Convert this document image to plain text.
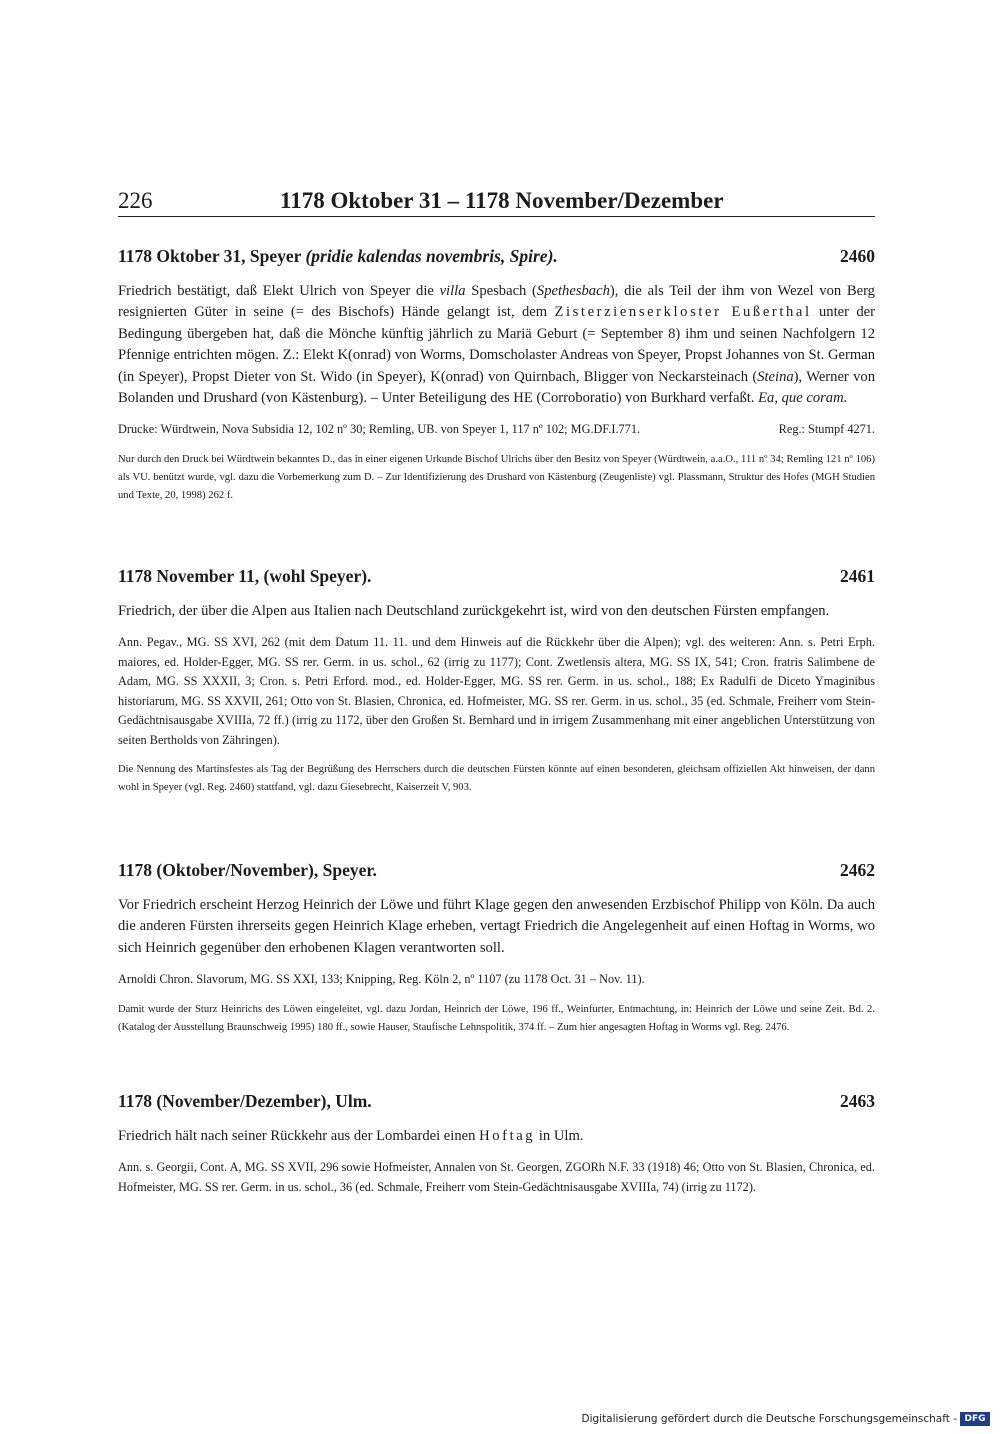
226	1178 Oktober 31 – 1178 November/Dezember
1178 Oktober 31, Speyer (pridie kalendas novembris, Spire).	2460

Friedrich bestätigt, daß Elekt Ulrich von Speyer die villa Spesbach (Spethesbach), die als Teil der ihm von Wezel von Berg resignierten Güter in seine (= des Bischofs) Hände gelangt ist, dem Zisterzienserkloster Eußerthal unter der Bedingung übergeben hat, daß die Mönche künftig jährlich zu Mariä Geburt (= September 8) ihm und seinen Nachfolgern 12 Pfennige entrichten mögen. Z.: Elekt K(onrad) von Worms, Domscholaster Andreas von Speyer, Propst Johannes von St. German (in Speyer), Propst Dieter von St. Wido (in Speyer), K(onrad) von Quirnbach, Bligger von Neckarsteinach (Steina), Werner von Bolanden und Drushard (von Kästenburg). – Unter Beteiligung des HE (Corroboratio) von Burkhard verfaßt. Ea, que coram.

Drucke: Würdtwein, Nova Subsidia 12, 102 nº 30; Remling, UB. von Speyer 1, 117 nº 102; MG.DF.I.771.	Reg.: Stumpf 4271.

Nur durch den Druck bei Würdtwein bekanntes D., das in einer eigenen Urkunde Bischof Ulrichs über den Besitz von Speyer (Würdtwein, a.a.O., 111 nº 34; Remling 121 nº 106) als VU. benützt wurde, vgl. dazu die Vorbemerkung zum D. – Zur Identifizierung des Drushard von Kästenburg (Zeugenliste) vgl. Plassmann, Struktur des Hofes (MGH Studien und Texte, 20, 1998) 262 f.

1178 November 11, (wohl Speyer).	2461

Friedrich, der über die Alpen aus Italien nach Deutschland zurückgekehrt ist, wird von den deutschen Fürsten empfangen.

Ann. Pegav., MG. SS XVI, 262 (mit dem Datum 11. 11. und dem Hinweis auf die Rückkehr über die Alpen); vgl. des weiteren: Ann. s. Petri Erph. maiores, ed. Holder-Egger, MG. SS rer. Germ. in us. schol., 62 (irrig zu 1177); Cont. Zwetlensis altera, MG. SS IX, 541; Cron. fratris Salimbene de Adam, MG. SS XXXII, 3; Cron. s. Petri Erford. mod., ed. Holder-Egger, MG. SS rer. Germ. in us. schol., 188; Ex Radulfi de Diceto Ymaginibus historiarum, MG. SS XXVII, 261; Otto von St. Blasien, Chronica, ed. Hofmeister, MG. SS rer. Germ. in us. schol., 35 (ed. Schmale, Freiherr vom Stein-Gedächtnisausgabe XVIIIa, 72 ff.) (irrig zu 1172, über den Großen St. Bernhard und in irrigem Zusammenhang mit einer angeblichen Unterstützung von seiten Bertholds von Zähringen).

Die Nennung des Martinsfestes als Tag der Begrüßung des Herrschers durch die deutschen Fürsten könnte auf einen besonderen, gleichsam offiziellen Akt hinweisen, der dann wohl in Speyer (vgl. Reg. 2460) stattfand, vgl. dazu Giesebrecht, Kaiserzeit V, 903.

1178 (Oktober/November), Speyer.	2462

Vor Friedrich erscheint Herzog Heinrich der Löwe und führt Klage gegen den anwesenden Erzbischof Philipp von Köln. Da auch die anderen Fürsten ihrerseits gegen Heinrich Klage erheben, vertagt Friedrich die Angelegenheit auf einen Hoftag in Worms, wo sich Heinrich gegenüber den erhobenen Klagen verantworten soll.

Arnoldi Chron. Slavorum, MG. SS XXI, 133; Knipping, Reg. Köln 2, nº 1107 (zu 1178 Oct. 31 – Nov. 11).

Damit wurde der Sturz Heinrichs des Löwen eingeleitet, vgl. dazu Jordan, Heinrich der Löwe, 196 ff., Weinfurter, Entmachtung, in: Heinrich der Löwe und seine Zeit. Bd. 2. (Katalog der Ausstellung Braunschweig 1995) 180 ff., sowie Hauser, Staufische Lehnspolitik, 374 ff. – Zum hier angesagten Hoftag in Worms vgl. Reg. 2476.

1178 (November/Dezember), Ulm.	2463

Friedrich hält nach seiner Rückkehr aus der Lombardei einen Hoftag in Ulm.

Ann. s. Georgii, Cont. A, MG. SS XVII, 296 sowie Hofmeister, Annalen von St. Georgen, ZGORh N.F. 33 (1918) 46; Otto von St. Blasien, Chronica, ed. Hofmeister, MG. SS rer. Germ. in us. schol., 36 (ed. Schmale, Freiherr vom Stein-Gedächtnisausgabe XVIIIa, 74) (irrig zu 1172).

Digitalisierung gefördert durch die Deutsche Forschungsgemeinschaft - DFG
